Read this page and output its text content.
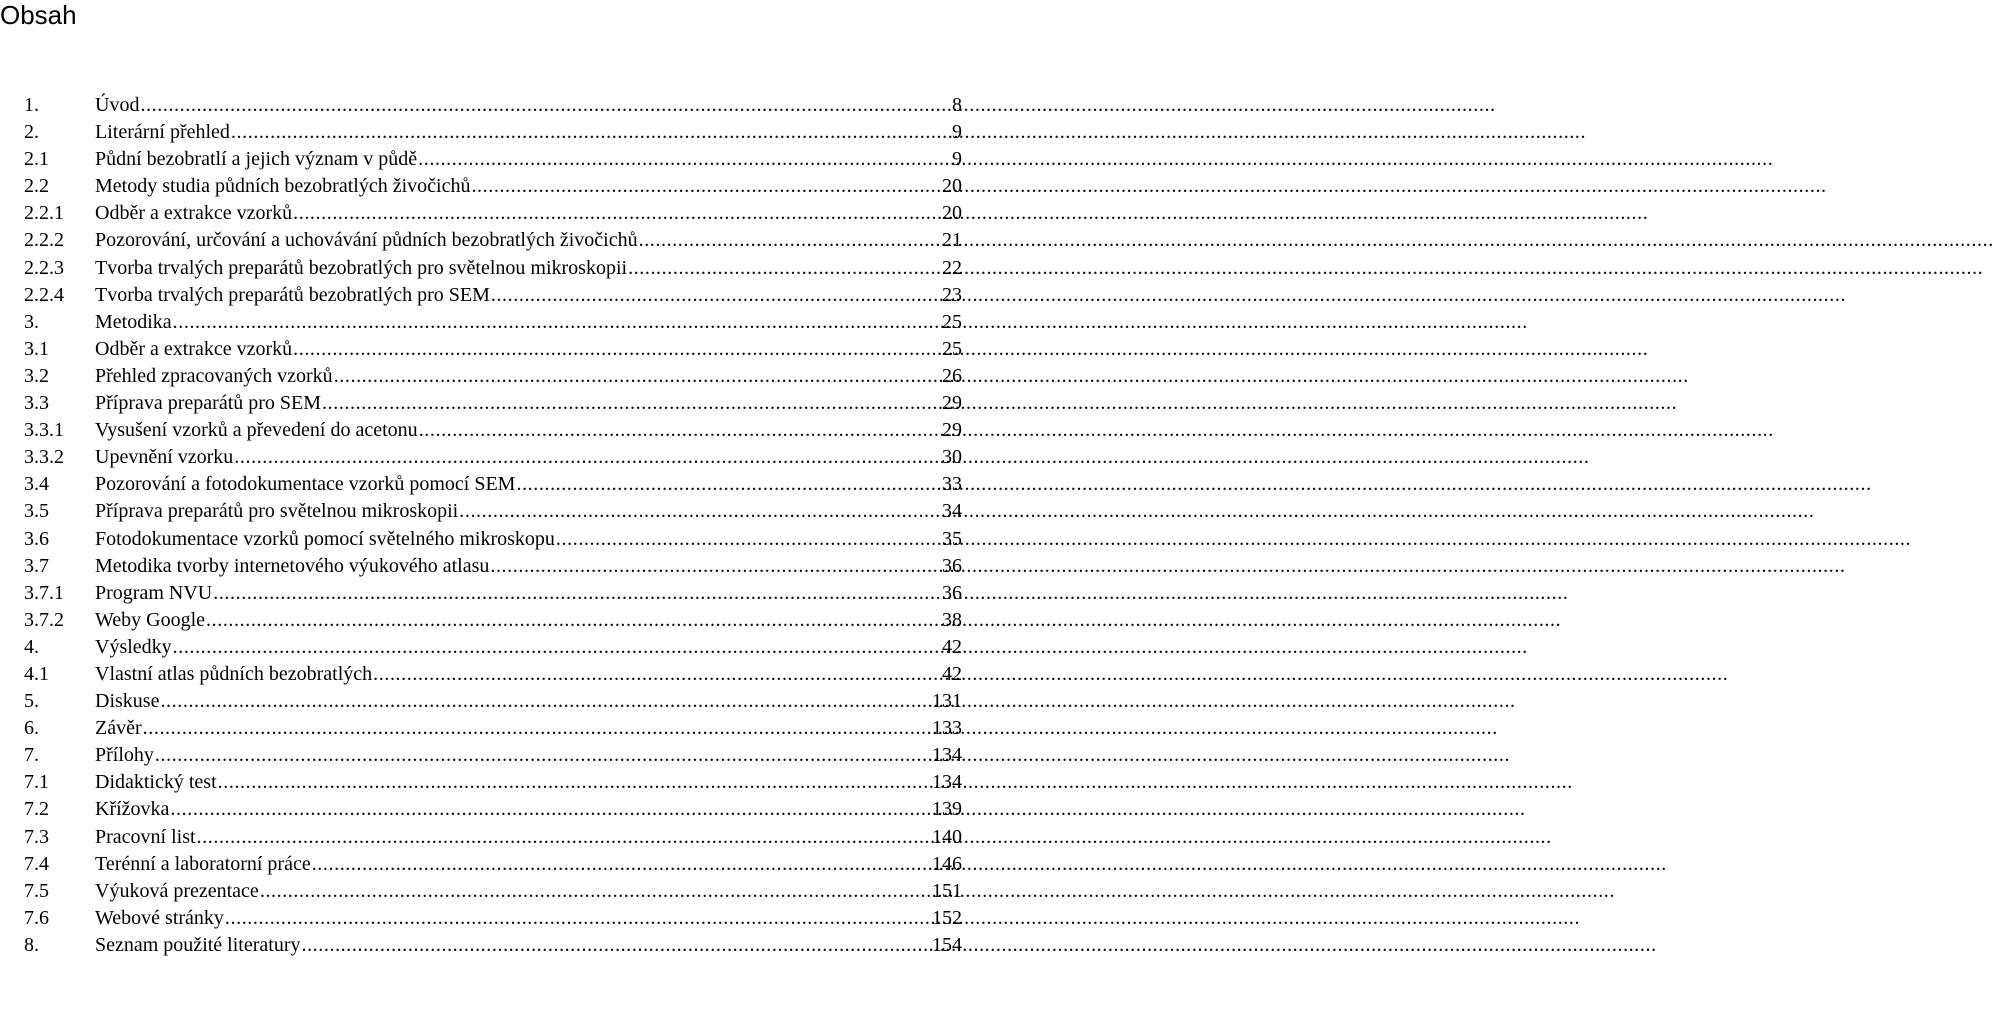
Obsah
1.	Úvod .....	8
2.	Literární přehled .....	9
2.1	Půdní bezobratlí a jejich význam v půdě .....	9
2.2	Metody studia půdních bezobratlých živočichů .....	20
2.2.1	Odběr a extrakce vzorků .....	20
2.2.2	Pozorování, určování a uchovávání půdních bezobratlých živočichů .....	21
2.2.3	Tvorba trvalých preparátů bezobratlých pro světelnou mikroskopii .....	22
2.2.4	Tvorba trvalých preparátů bezobratlých pro SEM .....	23
3.	Metodika .....	25
3.1	Odběr a extrakce vzorků .....	25
3.2	Přehled zpracovaných vzorků .....	26
3.3	Příprava preparátů pro SEM .....	29
3.3.1	Vysušení vzorků a převedení do acetonu .....	29
3.3.2	Upevnění vzorku .....	30
3.4	Pozorování a fotodokumentace vzorků pomocí SEM .....	33
3.5	Příprava preparátů pro světelnou mikroskopii .....	34
3.6	Fotodokumentace vzorků pomocí světelného mikroskopu .....	35
3.7	Metodika tvorby internetového výukového atlasu .....	36
3.7.1	Program NVU .....	36
3.7.2	Weby Google .....	38
4.	Výsledky .....	42
4.1	Vlastní atlas půdních bezobratlých .....	42
5.	Diskuse .....	131
6.	Závěr .....	133
7.	Přílohy .....	134
7.1	Didaktický test .....	134
7.2	Křížovka .....	139
7.3	Pracovní list .....	140
7.4	Terénní a laboratorní práce .....	146
7.5	Výuková prezentace .....	151
7.6	Webové stránky .....	152
8.	Seznam použité literatury .....	154
